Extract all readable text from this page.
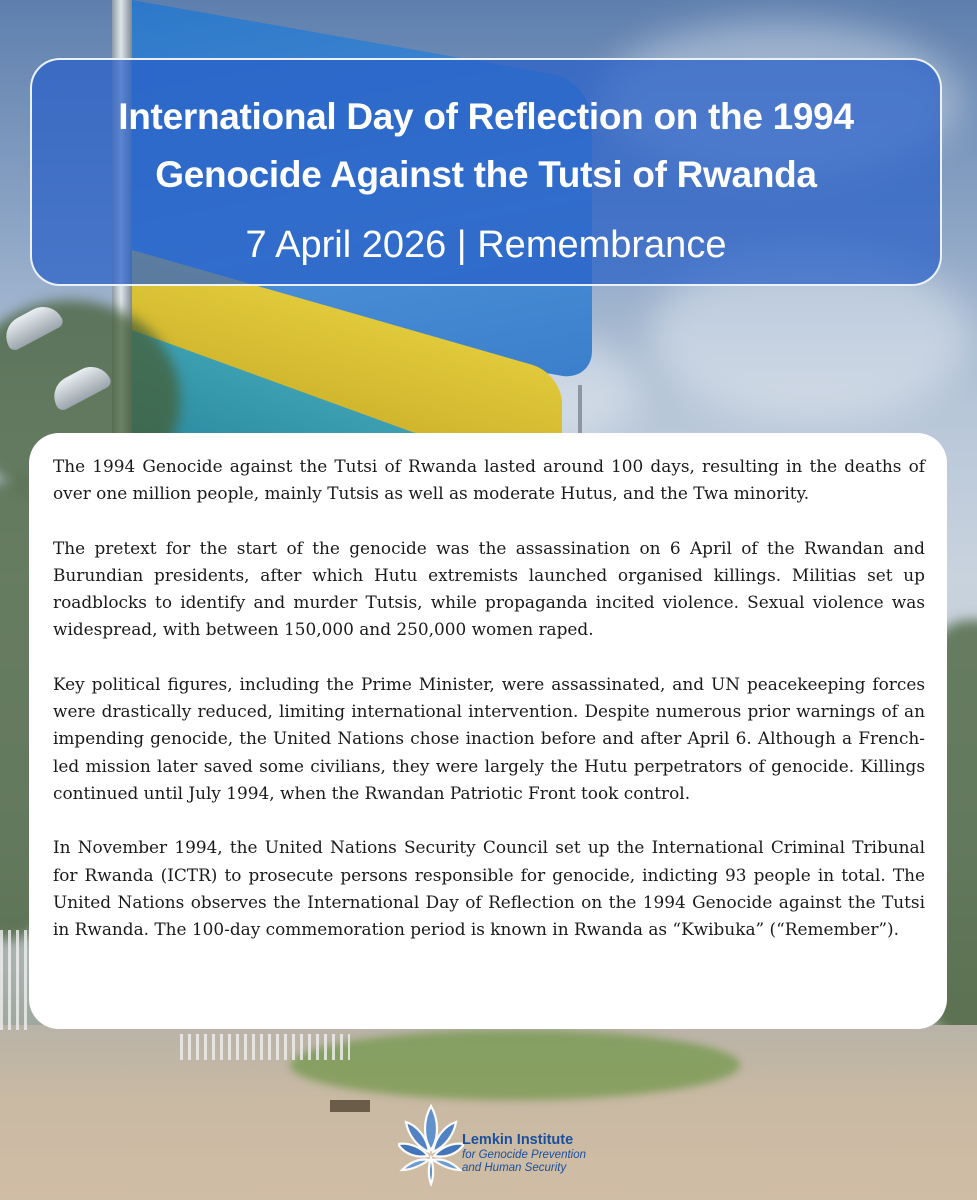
International Day of Reflection on the 1994 Genocide Against the Tutsi of Rwanda
7 April 2026 | Remembrance

The 1994 Genocide against the Tutsi of Rwanda lasted around 100 days, resulting in the deaths of over one million people, mainly Tutsis as well as moderate Hutus, and the Twa minority.

The pretext for the start of the genocide was the assassination on 6 April of the Rwandan and Burundian presidents, after which Hutu extremists launched organised killings. Militias set up roadblocks to identify and murder Tutsis, while propaganda incited violence. Sexual violence was widespread, with between 150,000 and 250,000 women raped.

Key political figures, including the Prime Minister, were assassinated, and UN peacekeeping forces were drastically reduced, limiting international intervention. Despite numerous prior warnings of an impending genocide, the United Nations chose inaction before and after April 6. Although a French-led mission later saved some civilians, they were largely the Hutu perpetrators of genocide. Killings continued until July 1994, when the Rwandan Patriotic Front took control.

In November 1994, the United Nations Security Council set up the International Criminal Tribunal for Rwanda (ICTR) to prosecute persons responsible for genocide, indicting 93 people in total. The United Nations observes the International Day of Reflection on the 1994 Genocide against the Tutsi in Rwanda. The 100-day commemoration period is known in Rwanda as “Kwibuka” (“Remember”).

Lemkin Institute
for Genocide Prevention
and Human Security
